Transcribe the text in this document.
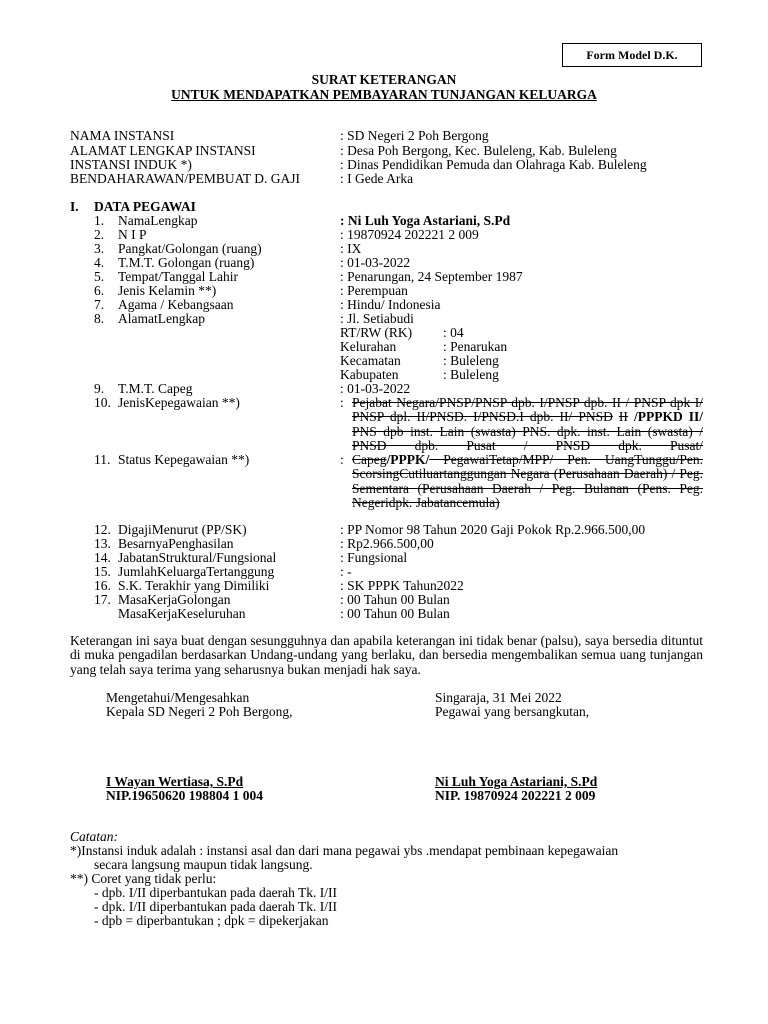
Form Model D.K.
SURAT KETERANGAN
UNTUK MENDAPATKAN PEMBAYARAN TUNJANGAN KELUARGA
NAMA INSTANSI	: SD Negeri 2 Poh Bergong
ALAMAT LENGKAP INSTANSI	: Desa Poh Bergong, Kec. Buleleng, Kab. Buleleng
INSTANSI INDUK *)	: Dinas Pendidikan Pemuda dan Olahraga Kab. Buleleng
BENDAHARAWAN/PEMBUAT D. GAJI	: I Gede Arka
I. DATA PEGAWAI
1. NamaLengkap	: Ni Luh Yoga Astariani, S.Pd
2. N I P	: 19870924 202221 2 009
3. Pangkat/Golongan (ruang)	: IX
4. T.M.T. Golongan (ruang)	: 01-03-2022
5. Tempat/Tanggal Lahir	: Penarungan, 24 September 1987
6. Jenis Kelamin **)	: Perempuan
7. Agama / Kebangsaan	: Hindu/ Indonesia
8. AlamatLengkap	: Jl. Setiabudi
RT/RW (RK) : 04
Kelurahan	: Penarukan
Kecamatan	: Buleleng
Kabupaten	: Buleleng
9. T.M.T. Capeg	: 01-03-2022
10. JenisKepegawaian **)	: Pejabat Negara/PNSP/PNSP dpb. I/PNSP dpb. II / PNSP dpk I/ PNSP dpl. II/PNSD. I/PNSD.I dpb. II/ PNSD II /PPPKD II/ PNS dpb inst. Lain (swasta) PNS. dpk. inst. Lain (swasta) / PNSD dpb. Pusat / PNSD dpk. Pusat/
11. Status Kepegawaian **)	: Capeg/PPPK/ PegawaiTetap/MPP/ Pen. UangTunggu/Pen. ScorsingCutiluartanggungan Negara (Perusahaan Daerah) / Peg. Sementara (Perusahaan Daerah / Peg. Bulanan (Pens. Peg. Negeridpk. Jabatancemula)
12. DigajiMenurut (PP/SK)	: PP Nomor 98 Tahun 2020 Gaji Pokok Rp.2.966.500,00
13. BesarnyaPenghasilan	: Rp2.966.500,00
14. JabatanStruktural/Fungsional	: Fungsional
15. JumlahKeluargaTertanggung	: -
16. S.K. Terakhir yang Dimiliki	: SK PPPK Tahun2022
17. MasaKerjaGolongan	: 00 Tahun 00 Bulan
MasaKerjaKeseluruhan	: 00 Tahun 00 Bulan
Keterangan ini saya buat dengan sesungguhnya dan apabila keterangan ini tidak benar (palsu), saya bersedia dituntut di muka pengadilan berdasarkan Undang-undang yang berlaku, dan bersedia mengembalikan semua uang tunjangan yang telah saya terima yang seharusnya bukan menjadi hak saya.
Mengetahui/Mengesahkan
Kepala SD Negeri 2 Poh Bergong,
I Wayan Wertiasa, S.Pd
NIP.19650620 198804 1 004
Singaraja, 31 Mei 2022
Pegawai yang bersangkutan,
Ni Luh Yoga Astariani, S.Pd
NIP. 19870924 202221 2 009
Catatan:
*)Instansi induk adalah : instansi asal dan dari mana pegawai ybs .mendapat pembinaan kepegawaian
secara langsung maupun tidak langsung.
**) Coret yang tidak perlu:
- dpb. I/II diperbantukan pada daerah Tk. I/II
- dpk. I/II diperbantukan pada daerah Tk. I/II
- dpb = diperbantukan ; dpk = dipekerjakan
